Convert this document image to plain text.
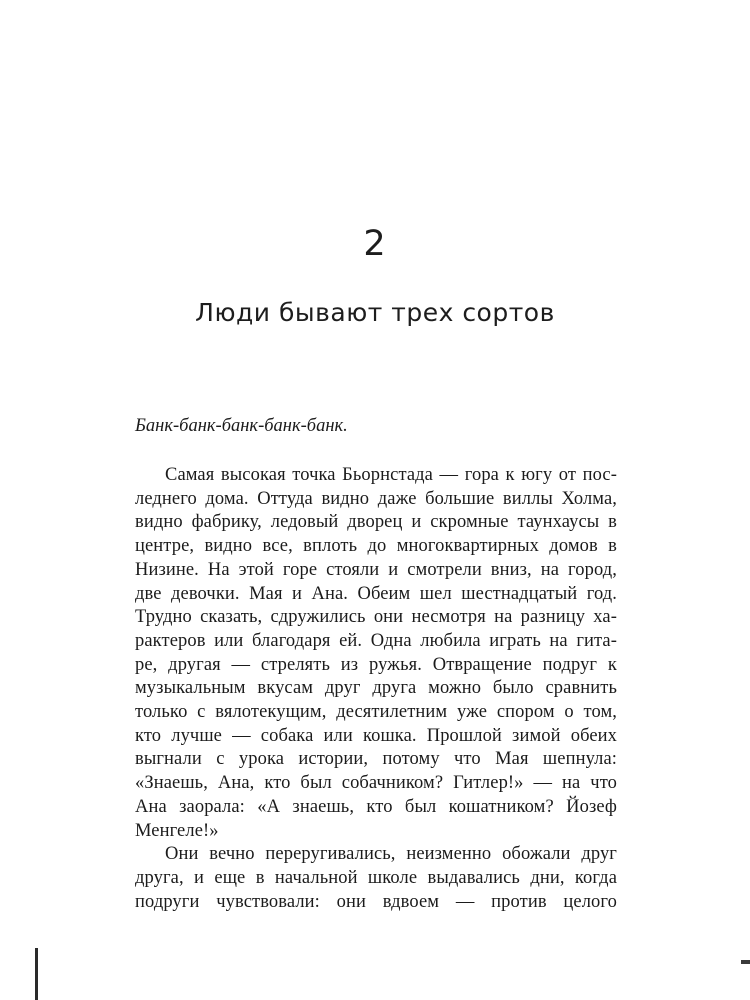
2
Люди бывают трех сортов
Банк-банк-банк-банк-банк.
Самая высокая точка Бьорнстада — гора к югу от пос-
леднего дома. Оттуда видно даже большие виллы Холма,
видно фабрику, ледовый дворец и скромные таунхаусы в
центре, видно все, вплоть до многоквартирных домов в
Низине. На этой горе стояли и смотрели вниз, на город,
две девочки. Мая и Ана. Обеим шел шестнадцатый год.
Трудно сказать, сдружились они несмотря на разницу ха-
рактеров или благодаря ей. Одна любила играть на гита-
ре, другая — стрелять из ружья. Отвращение подруг к
музыкальным вкусам друг друга можно было сравнить
только с вялотекущим, десятилетним уже спором о том,
кто лучше — собака или кошка. Прошлой зимой обеих
выгнали с урока истории, потому что Мая шепнула:
«Знаешь, Ана, кто был собачником? Гитлер!» — на что
Ана заорала: «А знаешь, кто был кошатником? Йозеф
Менгеле!»
Они вечно переругивались, неизменно обожали друг
друга, и еще в начальной школе выдавались дни, когда
подруги чувствовали: они вдвоем — против целого
